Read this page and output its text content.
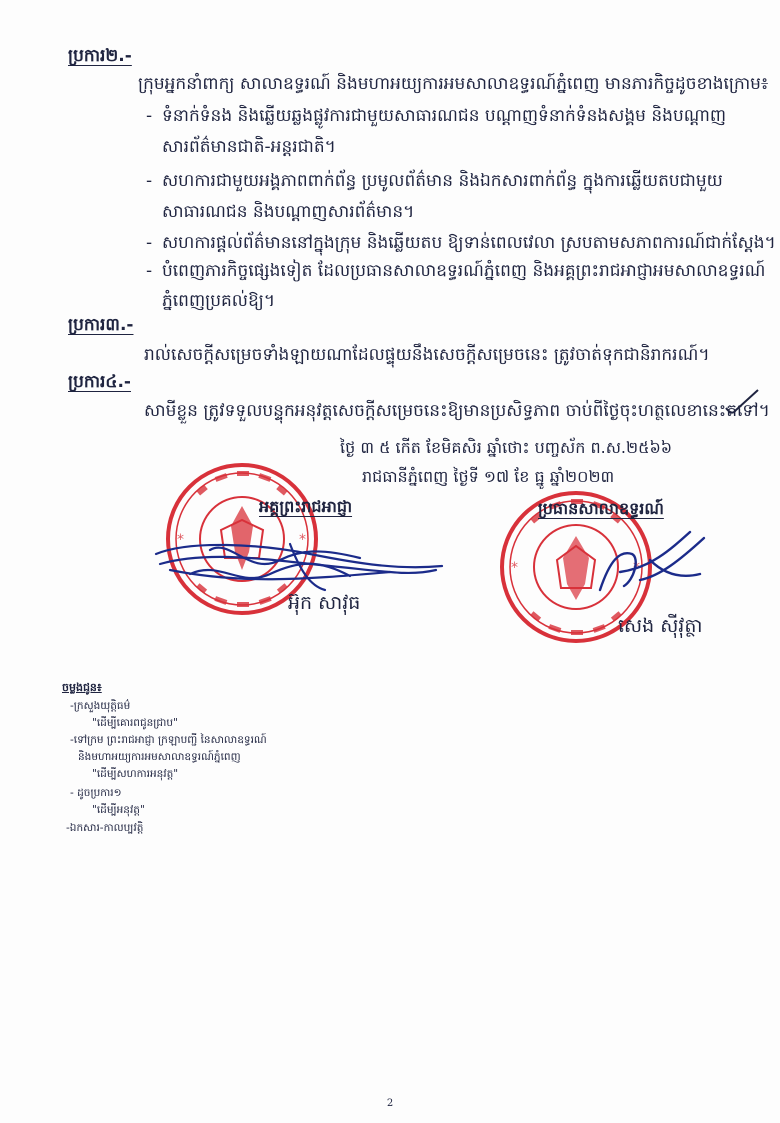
ប្រការ២.-
ក្រុមអ្នកនាំពាក្យ សាលាឧទ្ធរណ៍ និងមហាអយ្យការអមសាលាឧទ្ធរណ៍ភ្នំពេញ មានភារកិច្ចដូចខាងក្រោម៖
- ទំនាក់ទំនង និងឆ្លើយឆ្លងផ្លូវការជាមួយសាធារណជន បណ្ដាញទំនាក់ទំនងសង្គម និងបណ្ដាញ
សារព័ត៌មានជាតិ-អន្តរជាតិ។
- សហការជាមួយអង្គភាពពាក់ព័ន្ធ ប្រមូលព័ត៌មាន និងឯកសារពាក់ព័ន្ធ ក្នុងការឆ្លើយតបជាមួយ
សាធារណជន និងបណ្ដាញសារព័ត៌មាន។
- សហការផ្ដល់ព័ត៌មាននៅក្នុងក្រុម និងឆ្លើយតប ឱ្យទាន់ពេលវេលា ស្របតាមសភាពការណ៍ជាក់ស្ដែង។
- បំពេញភារកិច្ចផ្សេងទៀត ដែលប្រធានសាលាឧទ្ធរណ៍ភ្នំពេញ និងអគ្គព្រះរាជអាជ្ញាអមសាលាឧទ្ធរណ៍
ភ្នំពេញប្រគល់ឱ្យ។
ប្រការ៣.-
រាល់សេចក្ដីសម្រេចទាំងឡាយណាដែលផ្ទុយនឹងសេចក្ដីសម្រេចនេះ ត្រូវចាត់ទុកជានិរាករណ៍។
ប្រការ៤.-
សាមីខ្លួន ត្រូវទទួលបន្ទុកអនុវត្តសេចក្ដីសម្រេចនេះឱ្យមានប្រសិទ្ធភាព ចាប់ពីថ្ងៃចុះហត្ថលេខានេះតទៅ។
ថ្ងៃ ៣ ៥ កើត ខែមិគសិរ ឆ្នាំថោះ បញ្ចស័ក ព.ស.២៥៦៦
រាជធានីភ្នំពេញ ថ្ងៃទី ១៧ ខែ ធ្នូ ឆ្នាំ២០២៣
*	*
*	*
អគ្គព្រះរាជអាជ្ញា	ប្រធានសាលាឧទ្ធរណ៍
អ៊ុក សាវុធ
សេង ស៊ីវុត្ថា
ចម្លងជូន៖
-ក្រសួងយុត្តិធម៌
"ដើម្បីគោរពជូនជ្រាប"
-ទៅក្រម ព្រះរាជអាជ្ញា ក្រឡាបញ្ជី នៃសាលាឧទ្ធរណ៍
និងមហាអយ្យការអមសាលាឧទ្ធរណ៍ភ្នំពេញ
"ដើម្បីសហការអនុវត្ត"
- ដូចប្រការ១
"ដើម្បីអនុវត្ត"
-ឯកសារ-កាលប្បវត្តិ
2
